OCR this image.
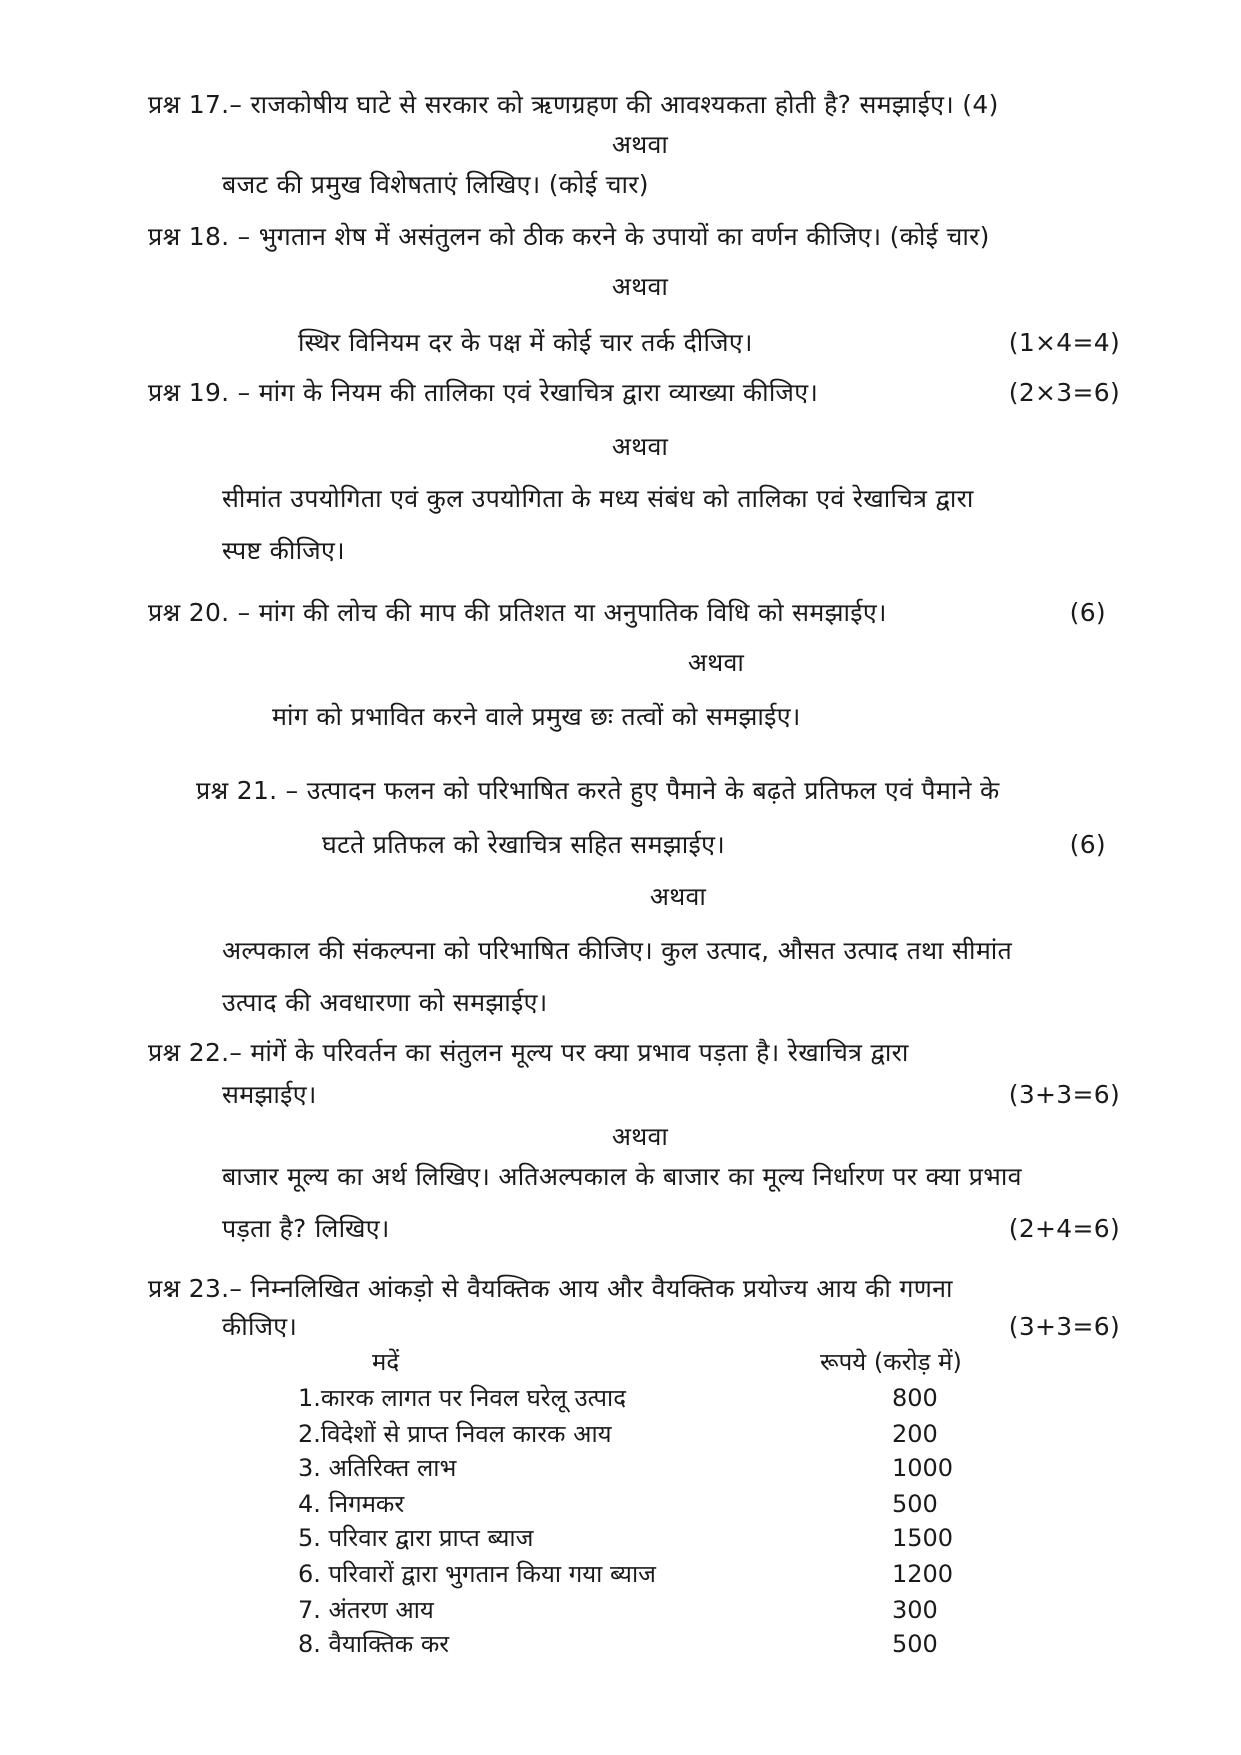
प्रश्न 17.– राजकोषीय घाटे से सरकार को ऋणग्रहण की आवश्यकता होती है? समझाईए। (4)
अथवा
बजट की प्रमुख विशेषताएं लिखिए। (कोई चार)
प्रश्न 18. – भुगतान शेष में असंतुलन को ठीक करने के उपायों का वर्णन कीजिए। (कोई चार)
अथवा
स्थिर विनियम दर के पक्ष में कोई चार तर्क दीजिए।	(1×4=4)
प्रश्न 19. – मांग के नियम की तालिका एवं रेखाचित्र द्वारा व्याख्या कीजिए।	(2×3=6)
अथवा
सीमांत उपयोगिता एवं कुल उपयोगिता के मध्य संबंध को तालिका एवं रेखाचित्र द्वारा
स्पष्ट कीजिए।
प्रश्न 20. – मांग की लोच की माप की प्रतिशत या अनुपातिक विधि को समझाईए।	(6)
अथवा
मांग को प्रभावित करने वाले प्रमुख छः तत्वों को समझाईए।
प्रश्न 21. – उत्पादन फलन को परिभाषित करते हुए पैमाने के बढ़ते प्रतिफल एवं पैमाने के
घटते प्रतिफल को रेखाचित्र सहित समझाईए।	(6)
अथवा
अल्पकाल की संकल्पना को परिभाषित कीजिए। कुल उत्पाद, औसत उत्पाद तथा सीमांत
उत्पाद की अवधारणा को समझाईए।
प्रश्न 22.– मांगें के परिवर्तन का संतुलन मूल्य पर क्या प्रभाव पड़ता है। रेखाचित्र द्वारा
समझाईए।	(3+3=6)
अथवा
बाजार मूल्य का अर्थ लिखिए। अतिअल्पकाल के बाजार का मूल्य निर्धारण पर क्या प्रभाव
पड़ता है? लिखिए।	(2+4=6)
प्रश्न 23.– निम्नलिखित आंकड़ो से वैयक्तिक आय और वैयक्तिक प्रयोज्य आय की गणना
कीजिए।	(3+3=6)
मदें	रूपये (करोड़ में)
1.कारक लागत पर निवल घरेलू उत्पाद	800
2.विदेशों से प्राप्त निवल कारक आय	200
3. अतिरिक्त लाभ	1000
4. निगमकर	500
5. परिवार द्वारा प्राप्त ब्याज	1500
6. परिवारों द्वारा भुगतान किया गया ब्याज	1200
7. अंतरण आय	300
8. वैयाक्तिक कर	500
